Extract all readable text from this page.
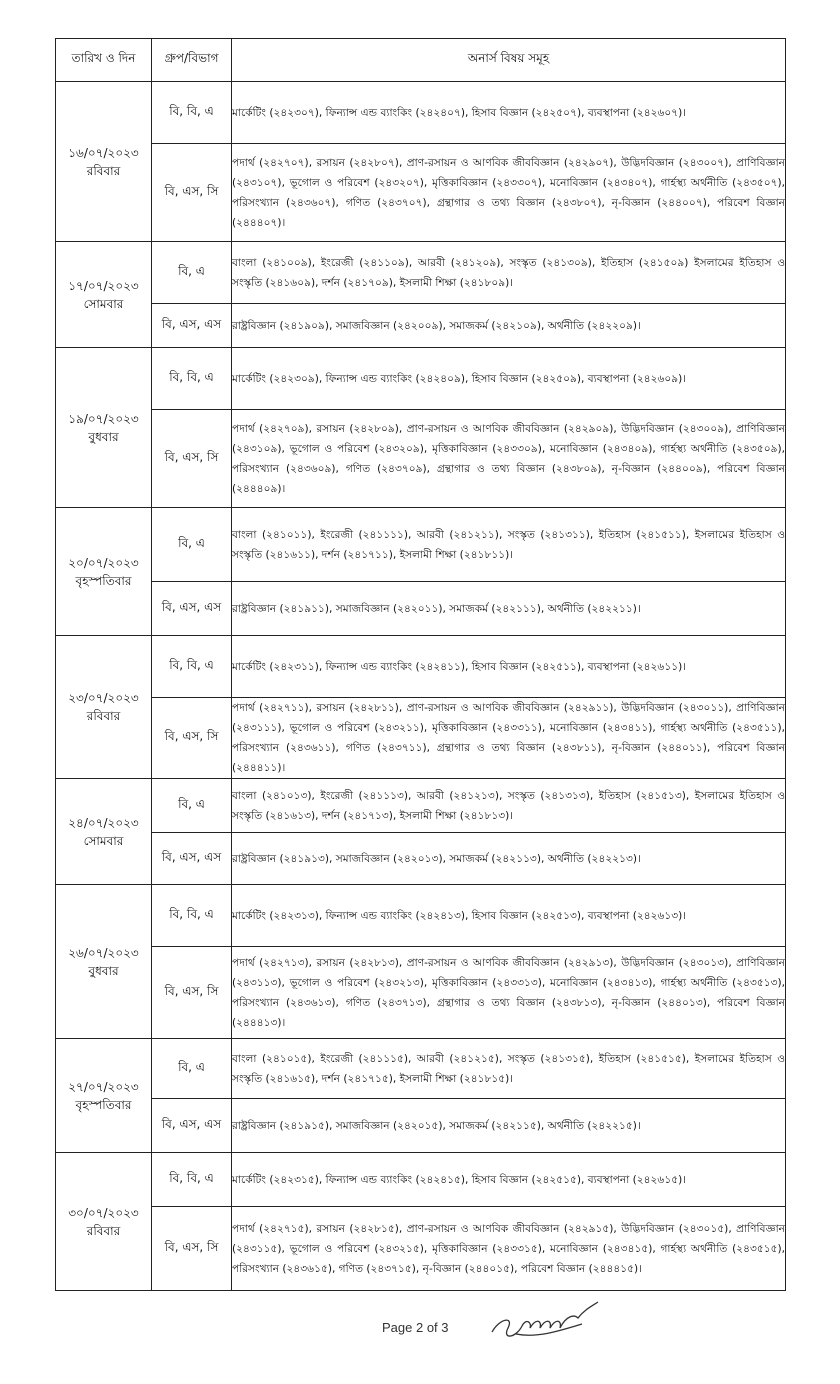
তারিখ ও দিন	গ্রুপ/বিভাগ	অনার্স বিষয় সমূহ

১৬/০৭/২০২৩
রবিবার	বি, বি, এ	মার্কেটিং (২৪২৩০৭), ফিন্যান্স এন্ড ব্যাংকিং (২৪২৪০৭), হিসাব বিজ্ঞান (২৪২৫০৭), ব্যবস্থাপনা (২৪২৬০৭)।
	বি, এস, সি	পদার্থ (২৪২৭০৭), রসায়ন (২৪২৮০৭), প্রাণ-রসায়ন ও আণবিক জীববিজ্ঞান (২৪২৯০৭), উদ্ভিদবিজ্ঞান (২৪৩০০৭), প্রাণিবিজ্ঞান (২৪৩১০৭), ভূগোল ও পরিবেশ (২৪৩২০৭), মৃত্তিকাবিজ্ঞান (২৪৩৩০৭), মনোবিজ্ঞান (২৪৩৪০৭), গার্হস্থ্য অর্থনীতি (২৪৩৫০৭), পরিসংখ্যান (২৪৩৬০৭), গণিত (২৪৩৭০৭), গ্রন্থাগার ও তথ্য বিজ্ঞান (২৪৩৮০৭), নৃ-বিজ্ঞান (২৪৪০০৭), পরিবেশ বিজ্ঞান (২৪৪৪০৭)।

১৭/০৭/২০২৩
সোমবার	বি, এ	বাংলা (২৪১০০৯), ইংরেজী (২৪১১০৯), আরবী (২৪১২০৯), সংস্কৃত (২৪১৩০৯), ইতিহাস (২৪১৫০৯) ইসলামের ইতিহাস ও সংস্কৃতি (২৪১৬০৯), দর্শন (২৪১৭০৯), ইসলামী শিক্ষা (২৪১৮০৯)।
	বি, এস, এস	রাষ্ট্রবিজ্ঞান (২৪১৯০৯), সমাজবিজ্ঞান (২৪২০০৯), সমাজকর্ম (২৪২১০৯), অর্থনীতি (২৪২২০৯)।

১৯/০৭/২০২৩
বুধবার	বি, বি, এ	মার্কেটিং (২৪২৩০৯), ফিন্যান্স এন্ড ব্যাংকিং (২৪২৪০৯), হিসাব বিজ্ঞান (২৪২৫০৯), ব্যবস্থাপনা (২৪২৬০৯)।
	বি, এস, সি	পদার্থ (২৪২৭০৯), রসায়ন (২৪২৮০৯), প্রাণ-রসায়ন ও আণবিক জীববিজ্ঞান (২৪২৯০৯), উদ্ভিদবিজ্ঞান (২৪৩০০৯), প্রাণিবিজ্ঞান (২৪৩১০৯), ভূগোল ও পরিবেশ (২৪৩২০৯), মৃত্তিকাবিজ্ঞান (২৪৩৩০৯), মনোবিজ্ঞান (২৪৩৪০৯), গার্হস্থ্য অর্থনীতি (২৪৩৫০৯), পরিসংখ্যান (২৪৩৬০৯), গণিত (২৪৩৭০৯), গ্রন্থাগার ও তথ্য বিজ্ঞান (২৪৩৮০৯), নৃ-বিজ্ঞান (২৪৪০০৯), পরিবেশ বিজ্ঞান (২৪৪৪০৯)।

২০/০৭/২০২৩
বৃহস্পতিবার	বি, এ	বাংলা (২৪১০১১), ইংরেজী (২৪১১১১), আরবী (২৪১২১১), সংস্কৃত (২৪১৩১১), ইতিহাস (২৪১৫১১), ইসলামের ইতিহাস ও সংস্কৃতি (২৪১৬১১), দর্শন (২৪১৭১১), ইসলামী শিক্ষা (২৪১৮১১)।
	বি, এস, এস	রাষ্ট্রবিজ্ঞান (২৪১৯১১), সমাজবিজ্ঞান (২৪২০১১), সমাজকর্ম (২৪২১১১), অর্থনীতি (২৪২২১১)।

২৩/০৭/২০২৩
রবিবার	বি, বি, এ	মার্কেটিং (২৪২৩১১), ফিন্যান্স এন্ড ব্যাংকিং (২৪২৪১১), হিসাব বিজ্ঞান (২৪২৫১১), ব্যবস্থাপনা (২৪২৬১১)।
	বি, এস, সি	পদার্থ (২৪২৭১১), রসায়ন (২৪২৮১১), প্রাণ-রসায়ন ও আণবিক জীববিজ্ঞান (২৪২৯১১), উদ্ভিদবিজ্ঞান (২৪৩০১১), প্রাণিবিজ্ঞান (২৪৩১১১), ভূগোল ও পরিবেশ (২৪৩২১১), মৃত্তিকাবিজ্ঞান (২৪৩৩১১), মনোবিজ্ঞান (২৪৩৪১১), গার্হস্থ্য অর্থনীতি (২৪৩৫১১), পরিসংখ্যান (২৪৩৬১১), গণিত (২৪৩৭১১), গ্রন্থাগার ও তথ্য বিজ্ঞান (২৪৩৮১১), নৃ-বিজ্ঞান (২৪৪০১১), পরিবেশ বিজ্ঞান (২৪৪৪১১)।

২৪/০৭/২০২৩
সোমবার	বি, এ	বাংলা (২৪১০১৩), ইংরেজী (২৪১১১৩), আরবী (২৪১২১৩), সংস্কৃত (২৪১৩১৩), ইতিহাস (২৪১৫১৩), ইসলামের ইতিহাস ও সংস্কৃতি (২৪১৬১৩), দর্শন (২৪১৭১৩), ইসলামী শিক্ষা (২৪১৮১৩)।
	বি, এস, এস	রাষ্ট্রবিজ্ঞান (২৪১৯১৩), সমাজবিজ্ঞান (২৪২০১৩), সমাজকর্ম (২৪২১১৩), অর্থনীতি (২৪২২১৩)।

২৬/০৭/২০২৩
বুধবার	বি, বি, এ	মার্কেটিং (২৪২৩১৩), ফিন্যান্স এন্ড ব্যাংকিং (২৪২৪১৩), হিসাব বিজ্ঞান (২৪২৫১৩), ব্যবস্থাপনা (২৪২৬১৩)।
	বি, এস, সি	পদার্থ (২৪২৭১৩), রসায়ন (২৪২৮১৩), প্রাণ-রসায়ন ও আণবিক জীববিজ্ঞান (২৪২৯১৩), উদ্ভিদবিজ্ঞান (২৪৩০১৩), প্রাণিবিজ্ঞান (২৪৩১১৩), ভূগোল ও পরিবেশ (২৪৩২১৩), মৃত্তিকাবিজ্ঞান (২৪৩৩১৩), মনোবিজ্ঞান (২৪৩৪১৩), গার্হস্থ্য অর্থনীতি (২৪৩৫১৩), পরিসংখ্যান (২৪৩৬১৩), গণিত (২৪৩৭১৩), গ্রন্থাগার ও তথ্য বিজ্ঞান (২৪৩৮১৩), নৃ-বিজ্ঞান (২৪৪০১৩), পরিবেশ বিজ্ঞান (২৪৪৪১৩)।

২৭/০৭/২০২৩
বৃহস্পতিবার	বি, এ	বাংলা (২৪১০১৫), ইংরেজী (২৪১১১৫), আরবী (২৪১২১৫), সংস্কৃত (২৪১৩১৫), ইতিহাস (২৪১৫১৫), ইসলামের ইতিহাস ও সংস্কৃতি (২৪১৬১৫), দর্শন (২৪১৭১৫), ইসলামী শিক্ষা (২৪১৮১৫)।
	বি, এস, এস	রাষ্ট্রবিজ্ঞান (২৪১৯১৫), সমাজবিজ্ঞান (২৪২০১৫), সমাজকর্ম (২৪২১১৫), অর্থনীতি (২৪২২১৫)।

৩০/০৭/২০২৩
রবিবার	বি, বি, এ	মার্কেটিং (২৪২৩১৫), ফিন্যান্স এন্ড ব্যাংকিং (২৪২৪১৫), হিসাব বিজ্ঞান (২৪২৫১৫), ব্যবস্থাপনা (২৪২৬১৫)।
	বি, এস, সি	পদার্থ (২৪২৭১৫), রসায়ন (২৪২৮১৫), প্রাণ-রসায়ন ও আণবিক জীববিজ্ঞান (২৪২৯১৫), উদ্ভিদবিজ্ঞান (২৪৩০১৫), প্রাণিবিজ্ঞান (২৪৩১১৫), ভূগোল ও পরিবেশ (২৪৩২১৫), মৃত্তিকাবিজ্ঞান (২৪৩৩১৫), মনোবিজ্ঞান (২৪৩৪১৫), গার্হস্থ্য অর্থনীতি (২৪৩৫১৫), পরিসংখ্যান (২৪৩৬১৫), গণিত (২৪৩৭১৫), নৃ-বিজ্ঞান (২৪৪০১৫), পরিবেশ বিজ্ঞান (২৪৪৪১৫)।
Page 2 of 3
